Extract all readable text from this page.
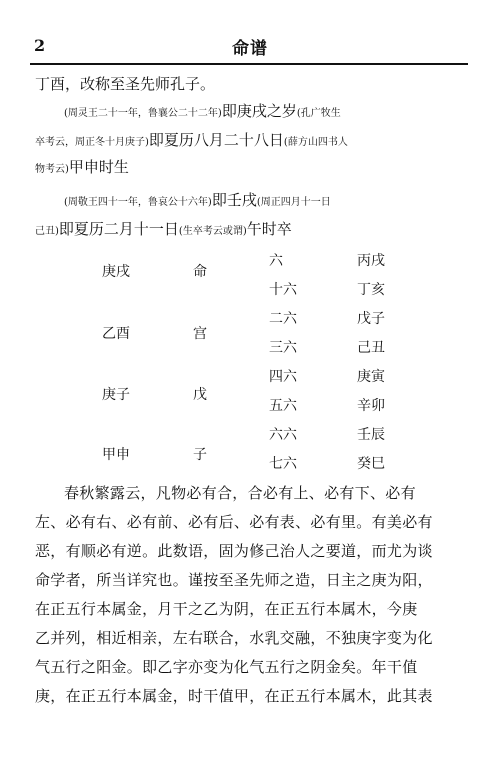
2	命谱
丁酉，改称至圣先师孔子。
(周灵王二十一年，鲁襄公二十二年)即庚戌之岁(孔广牧生
卒考云，周正冬十月庚子)即夏历八月二十八日(薛方山四书人
物考云)甲申时生
(周敬王四十一年，鲁哀公十六年)即壬戌(周正四月十一日
己丑)即夏历二月十一日(生卒考云或谓)午时卒
庚戌
乙酉
庚子
甲申
命
宫
戊
子
六
十六
二六
三六
四六
五六
六六
七六
丙戌
丁亥
戊子
己丑
庚寅
辛卯
壬辰
癸巳
春秋繁露云，凡物必有合，合必有上、必有下、必有
左、必有右、必有前、必有后、必有表、必有里。有美必有
恶，有顺必有逆。此数语，固为修己治人之要道，而尤为谈
命学者，所当详究也。谨按至圣先师之造，日主之庚为阳，
在正五行本属金，月干之乙为阴，在正五行本属木，今庚
乙并列，相近相亲，左右联合，水乳交融，不独庚字变为化
气五行之阳金。即乙字亦变为化气五行之阴金矣。年干值
庚，在正五行本属金，时干值甲，在正五行本属木，此其表
